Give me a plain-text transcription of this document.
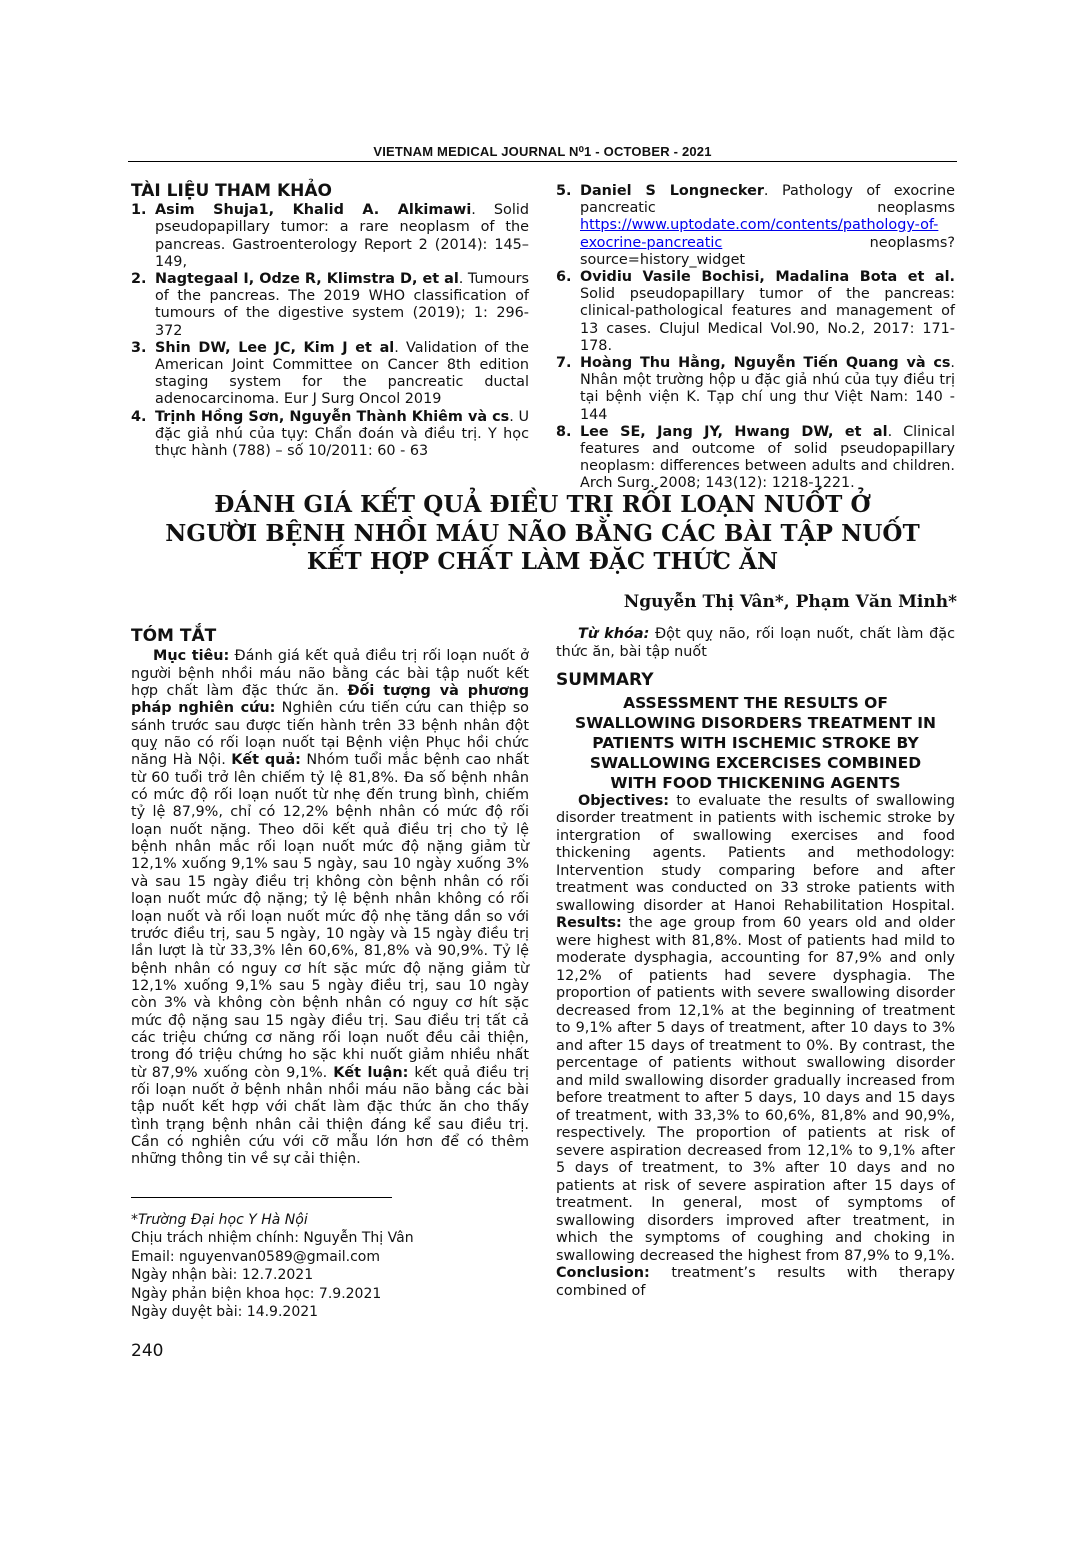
VIETNAM MEDICAL JOURNAL N⁰1 - OCTOBER - 2021
TÀI LIỆU THAM KHẢO
1. Asim Shuja1, Khalid A. Alkimawi. Solid pseudopapillary tumor: a rare neoplasm of the pancreas. Gastroenterology Report 2 (2014): 145–149,
2. Nagtegaal I, Odze R, Klimstra D, et al. Tumours of the pancreas. The 2019 WHO classification of tumours of the digestive system (2019); 1: 296-372
3. Shin DW, Lee JC, Kim J et al. Validation of the American Joint Committee on Cancer 8th edition staging system for the pancreatic ductal adenocarcinoma. Eur J Surg Oncol 2019
4. Trịnh Hồng Sơn, Nguyễn Thành Khiêm và cs. U đặc giả nhú của tụy: Chẩn đoán và điều trị. Y học thực hành (788) – số 10/2011: 60 - 63
5. Daniel S Longnecker. Pathology of exocrine pancreatic neoplasms https://www.uptodate.com/contents/pathology-of-exocrine-pancreatic neoplasms?source=history_widget
6. Ovidiu Vasile Bochisi, Madalina Bota et al. Solid pseudopapillary tumor of the pancreas: clinical-pathological features and management of 13 cases. Clujul Medical Vol.90, No.2, 2017: 171-178.
7. Hoàng Thu Hằng, Nguyễn Tiến Quang và cs. Nhân một trường hộp u đặc giả nhú của tụy điều trị tại bệnh viện K. Tạp chí ung thư Việt Nam: 140 - 144
8. Lee SE, Jang JY, Hwang DW, et al. Clinical features and outcome of solid pseudopapillary neoplasm: differences between adults and children. Arch Surg. 2008; 143(12): 1218-1221.
ĐÁNH GIÁ KẾT QUẢ ĐIỀU TRỊ RỐI LOẠN NUỐT Ở
NGƯỜI BỆNH NHỒI MÁU NÃO BẰNG CÁC BÀI TẬP NUỐT
KẾT HỢP CHẤT LÀM ĐẶC THỨC ĂN
Nguyễn Thị Vân*, Phạm Văn Minh*
TÓM TẮT

Mục tiêu: Đánh giá kết quả điều trị rối loạn nuốt ở người bệnh nhồi máu não bằng các bài tập nuốt kết hợp chất làm đặc thức ăn. Đối tượng và phương pháp nghiên cứu: Nghiên cứu tiến cứu can thiệp so sánh trước sau được tiến hành trên 33 bệnh nhân đột quỵ não có rối loạn nuốt tại Bệnh viện Phục hồi chức năng Hà Nội. Kết quả: Nhóm tuổi mắc bệnh cao nhất từ 60 tuổi trở lên chiếm tỷ lệ 81,8%. Đa số bệnh nhân có mức độ rối loạn nuốt từ nhẹ đến trung bình, chiếm tỷ lệ 87,9%, chỉ có 12,2% bệnh nhân có mức độ rối loạn nuốt nặng. Theo dõi kết quả điều trị cho tỷ lệ bệnh nhân mắc rối loạn nuốt mức độ nặng giảm từ 12,1% xuống 9,1% sau 5 ngày, sau 10 ngày xuống 3% và sau 15 ngày điều trị không còn bệnh nhân có rối loạn nuốt mức độ nặng; tỷ lệ bệnh nhân không có rối loạn nuốt và rối loạn nuốt mức độ nhẹ tăng dần so với trước điều trị, sau 5 ngày, 10 ngày và 15 ngày điều trị lần lượt là từ 33,3% lên 60,6%, 81,8% và 90,9%. Tỷ lệ bệnh nhân có nguy cơ hít sặc mức độ nặng giảm từ 12,1% xuống 9,1% sau 5 ngày điều trị, sau 10 ngày còn 3% và không còn bệnh nhân có nguy cơ hít sặc mức độ nặng sau 15 ngày điều trị. Sau điều trị tất cả các triệu chứng cơ năng rối loạn nuốt đều cải thiện, trong đó triệu chứng ho sặc khi nuốt giảm nhiều nhất từ 87,9% xuống còn 9,1%. Kết luận: kết quả điều trị rối loạn nuốt ở bệnh nhân nhồi máu não bằng các bài tập nuốt kết hợp với chất làm đặc thức ăn cho thấy tình trạng bệnh nhân cải thiện đáng kể sau điều trị. Cần có nghiên cứu với cỡ mẫu lớn hơn để có thêm những thông tin về sự cải thiện.

Từ khóa: Đột quỵ não, rối loạn nuốt, chất làm đặc thức ăn, bài tập nuốt

SUMMARY
ASSESSMENT THE RESULTS OF
SWALLOWING DISORDERS TREATMENT IN
PATIENTS WITH ISCHEMIC STROKE BY
SWALLOWING EXCERCISES COMBINED
WITH FOOD THICKENING AGENTS

Objectives: to evaluate the results of swallowing disorder treatment in patients with ischemic stroke by intergration of swallowing exercises and food thickening agents. Patients and methodology: Intervention study comparing before and after treatment was conducted on 33 stroke patients with swallowing disorder at Hanoi Rehabilitation Hospital. Results: the age group from 60 years old and older were highest with 81,8%. Most of patients had mild to moderate dysphagia, accounting for 87,9% and only 12,2% of patients had severe dysphagia. The proportion of patients with severe swallowing disorder decreased from 12,1% at the beginning of treatment to 9,1% after 5 days of treatment, after 10 days to 3% and after 15 days of treatment to 0%. By contrast, the percentage of patients without swallowing disorder and mild swallowing disorder gradually increased from before treatment to after 5 days, 10 days and 15 days of treatment, with 33,3% to 60,6%, 81,8% and 90,9%, respectively. The proportion of patients at risk of severe aspiration decreased from 12,1% to 9,1% after 5 days of treatment, to 3% after 10 days and no patients at risk of severe aspiration after 15 days of treatment. In general, most of symptoms of swallowing disorders improved after treatment, in which the symptoms of coughing and choking in swallowing decreased the highest from 87,9% to 9,1%. Conclusion: treatment’s results with therapy combined of

*Trường Đại học Y Hà Nội
Chịu trách nhiệm chính: Nguyễn Thị Vân
Email: nguyenvan0589@gmail.com
Ngày nhận bài: 12.7.2021
Ngày phản biện khoa học: 7.9.2021
Ngày duyệt bài: 14.9.2021
240
